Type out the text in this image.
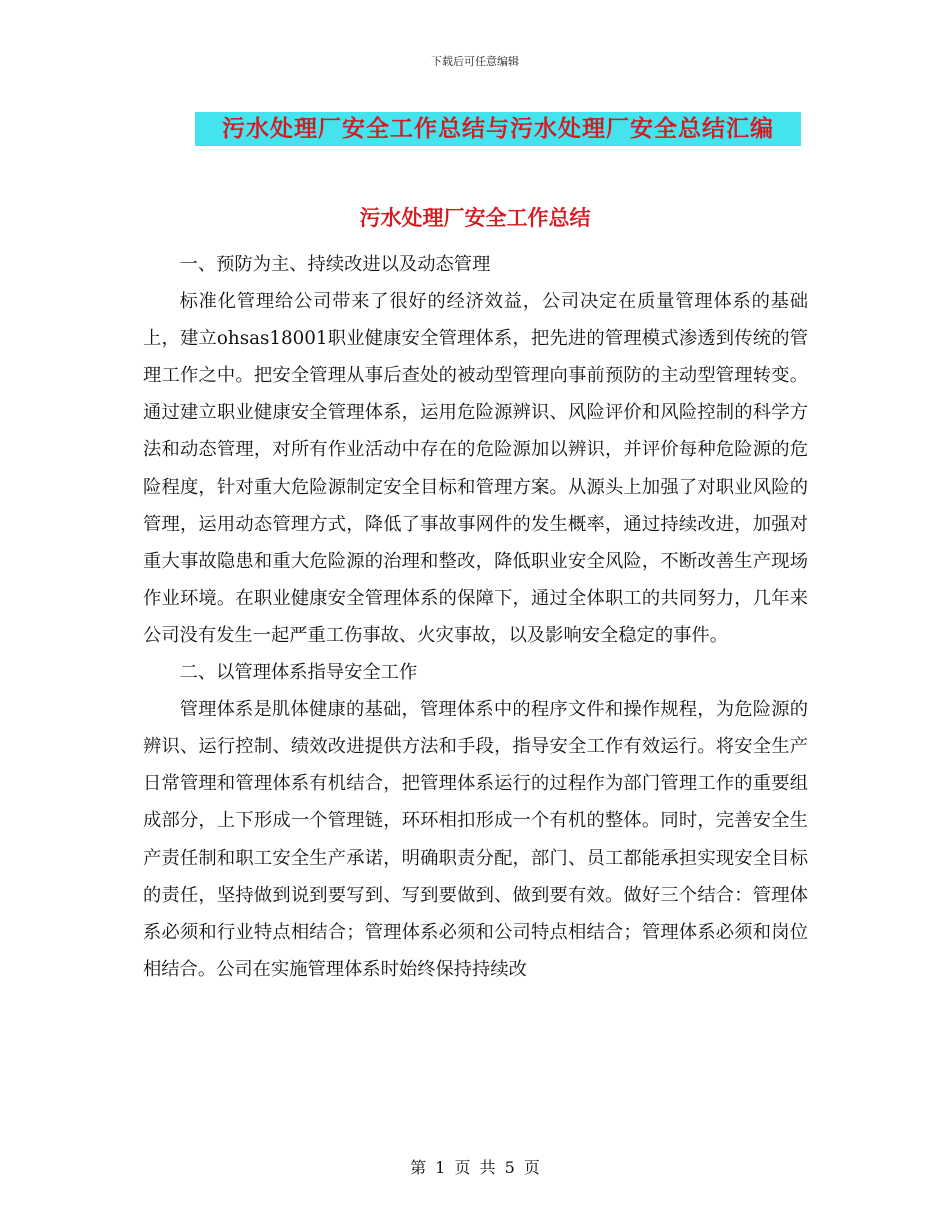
下载后可任意编辑
污水处理厂安全工作总结与污水处理厂安全总结汇编
污水处理厂安全工作总结

一、预防为主、持续改进以及动态管理

标准化管理给公司带来了很好的经济效益，公司决定在质量管理体系的基础上，建立ohsas18001职业健康安全管理体系，把先进的管理模式渗透到传统的管理工作之中。把安全管理从事后查处的被动型管理向事前预防的主动型管理转变。通过建立职业健康安全管理体系，运用危险源辨识、风险评价和风险控制的科学方法和动态管理，对所有作业活动中存在的危险源加以辨识，并评价每种危险源的危险程度，针对重大危险源制定安全目标和管理方案。从源头上加强了对职业风险的管理，运用动态管理方式，降低了事故事网件的发生概率，通过持续改进，加强对重大事故隐患和重大危险源的治理和整改，降低职业安全风险，不断改善生产现场作业环境。在职业健康安全管理体系的保障下，通过全体职工的共同努力，几年来公司没有发生一起严重工伤事故、火灾事故，以及影响安全稳定的事件。

二、以管理体系指导安全工作

管理体系是肌体健康的基础，管理体系中的程序文件和操作规程，为危险源的辨识、运行控制、绩效改进提供方法和手段，指导安全工作有效运行。将安全生产日常管理和管理体系有机结合，把管理体系运行的过程作为部门管理工作的重要组成部分，上下形成一个管理链，环环相扣形成一个有机的整体。同时，完善安全生产责任制和职工安全生产承诺，明确职责分配，部门、员工都能承担实现安全目标的责任，坚持做到说到要写到、写到要做到、做到要有效。做好三个结合：管理体系必须和行业特点相结合；管理体系必须和公司特点相结合；管理体系必须和岗位相结合。公司在实施管理体系时始终保持持续改

第 1 页 共 5 页
